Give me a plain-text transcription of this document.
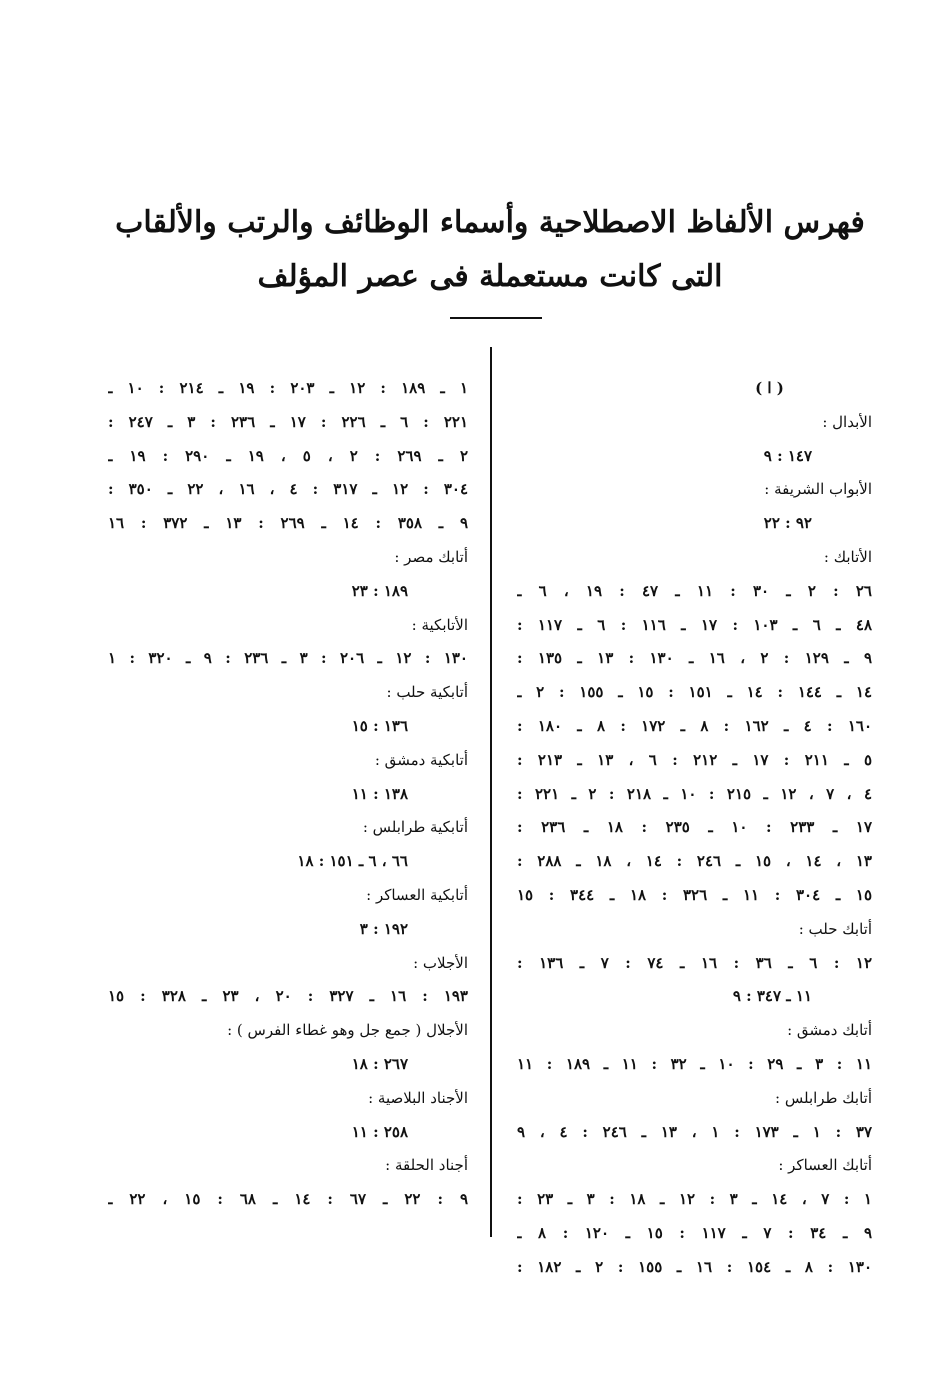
فهرس الألفاظ الاصطلاحية وأسماء الوظائف والرتب والألقاب
التى كانت مستعملة فى عصر المؤلف
( ا )
الأبدال :
١٤٧ : ٩
الأبواب الشريفة :
٩٢ : ٢٢
الأتابك :
٢٦ : ٢ ـ ٣٠ : ١١ ـ ٤٧ : ١٩ ، ٦ ـ
٤٨ ـ ٦ ـ ١٠٣ : ١٧ ـ ١١٦ : ٦ ـ ١١٧ :
٩ ـ ١٢٩ : ٢ ، ١٦ ـ ١٣٠ : ١٣ ـ ١٣٥ :
١٤ ـ ١٤٤ : ١٤ ـ ١٥١ : ١٥ ـ ١٥٥ : ٢ ـ
١٦٠ : ٤ ـ ١٦٢ : ٨ ـ ١٧٢ : ٨ ـ ١٨٠ :
٥ ـ ٢١١ : ١٧ ـ ٢١٢ : ٦ ، ١٣ ـ ٢١٣ :
٤ ، ٧ ، ١٢ ـ ٢١٥ : ١٠ ـ ٢١٨ : ٢ ـ ٢٢١ :
١٧ ـ ٢٣٣ : ١٠ ـ ٢٣٥ : ١٨ ـ ٢٣٦ :
١٣ ، ١٤ ، ١٥ ـ ٢٤٦ : ١٤ ، ١٨ ـ ٢٨٨ :
١٥ ـ ٣٠٤ : ١١ ـ ٣٢٦ : ١٨ ـ ٣٤٤ : ١٥
أتابك حلب :
١٢ : ٦ ـ ٣٦ : ١٦ ـ ٧٤ : ٧ ـ ١٣٦ :
١١ ـ ٣٤٧ : ٩
أتابك دمشق :
١١ : ٣ ـ ٢٩ : ١٠ ـ ٣٢ : ١١ ـ ١٨٩ : ١١
أتابك طرابلس :
٣٧ : ١ ـ ١٧٣ : ١ ، ١٣ ـ ٢٤٦ : ٤ ، ٩
أتابك العساكر :
١ : ٧ ، ١٤ ـ ٣ : ١٢ ـ ١٨ : ٣ ـ ٢٣ :
٩ ـ ٣٤ : ٧ ـ ١١٧ : ١٥ ـ ١٢٠ : ٨ ـ
١٣٠ : ٨ ـ ١٥٤ : ١٦ ـ ١٥٥ : ٢ ـ ١٨٢ :
١ ـ ١٨٩ : ١٢ ـ ٢٠٣ : ١٩ ـ ٢١٤ : ١٠ ـ
٢٢١ : ٦ ـ ٢٢٦ : ١٧ ـ ٢٣٦ : ٣ ـ ٢٤٧ :
٢ ـ ٢٦٩ : ٢ ، ٥ ، ١٩ ـ ٢٩٠ : ١٩ ـ
٣٠٤ : ١٢ ـ ٣١٧ : ٤ ، ١٦ ، ٢٢ ـ ٣٥٠ :
٩ ـ ٣٥٨ : ١٤ ـ ٢٦٩ : ١٣ ـ ٣٧٢ : ١٦
أتابك مصر :
١٨٩ : ٢٣
الأتابكية :
١٣٠ : ١٢ ـ ٢٠٦ : ٣ ـ ٢٣٦ : ٩ ـ ٣٢٠ : ١
أتابكية حلب :
١٣٦ : ١٥
أتابكية دمشق :
١٣٨ : ١١
أتابكية طرابلس :
٦٦ ، ٦ ـ ١٥١ : ١٨
أتابكية العساكر :
١٩٢ : ٣
الأجلاب :
١٩٣ : ١٦ ـ ٣٢٧ : ٢٠ ، ٢٣ ـ ٣٢٨ : ١٥
الأجلال ( جمع جل وهو غطاء الفرس ) :
٢٦٧ : ١٨
الأجناد البلاصية :
٢٥٨ : ١١
أجناد الحلقة :
٩ : ٢٢ ـ ٦٧ : ١٤ ـ ٦٨ : ١٥ ، ٢٢ ـ
